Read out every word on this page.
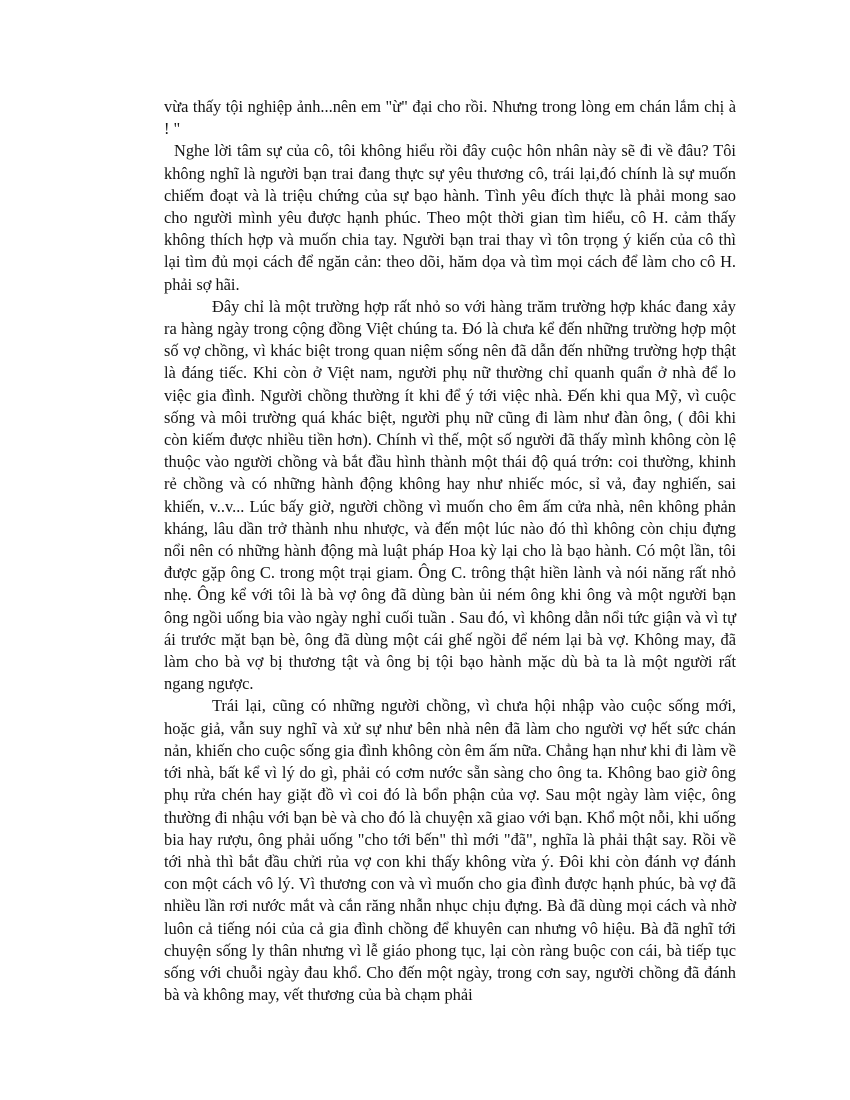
vừa thấy tội nghiệp ảnh...nên em "ừ" đại cho rồi. Nhưng trong lòng em chán lắm chị à ! "

Nghe lời tâm sự của cô, tôi không hiểu rồi đây cuộc hôn nhân này sẽ đi về đâu? Tôi không nghĩ là người bạn trai đang thực sự yêu thương cô, trái lại,đó chính là sự muốn chiếm đoạt và là triệu chứng của sự bạo hành. Tình yêu đích thực là phải mong sao cho người mình yêu được hạnh phúc. Theo một thời gian tìm hiểu, cô H. cảm thấy không thích hợp và muốn chia tay. Người bạn trai thay vì tôn trọng ý kiến của cô thì lại tìm đủ mọi cách để ngăn cản: theo dõi, hăm dọa và tìm mọi cách để làm cho cô H. phải sợ hãi.

Đây chỉ là một trường hợp rất nhỏ so với hàng trăm trường hợp khác đang xảy ra hàng ngày trong cộng đồng Việt chúng ta. Đó là chưa kể đến những trường hợp một số vợ chồng, vì khác biệt trong quan niệm sống nên đã dẫn đến những trường hợp thật là đáng tiếc. Khi còn ở Việt nam, người phụ nữ thường chỉ quanh quẩn ở nhà để lo việc gia đình. Người chồng thường ít khi để ý tới việc nhà. Đến khi qua Mỹ, vì cuộc sống và môi trường quá khác biệt, người phụ nữ cũng đi làm như đàn ông, ( đôi khi còn kiếm được nhiều tiền hơn). Chính vì thế, một số người đã thấy mình không còn lệ thuộc vào người chồng và bắt đầu hình thành một thái độ quá trớn: coi thường, khinh rẻ chồng và có những hành động không hay như nhiếc móc, sỉ vả, đay nghiến, sai khiến, v..v... Lúc bấy giờ, người chồng vì muốn cho êm ấm cửa nhà, nên không phản kháng, lâu dần trở thành nhu nhược, và đến một lúc nào đó thì không còn chịu đựng nổi nên có những hành động mà luật pháp Hoa kỳ lại cho là bạo hành. Có một lần, tôi được gặp ông C. trong một trại giam. Ông C. trông thật hiền lành và nói năng rất nhỏ nhẹ. Ông kể với tôi là bà vợ ông đã dùng bàn ủi ném ông khi ông và một người bạn ông ngồi uống bia vào ngày nghỉ cuối tuần . Sau đó, vì không dằn nổi tức giận và vì tự ái trước mặt bạn bè, ông đã dùng một cái ghế ngồi để ném lại bà vợ. Không may, đã làm cho bà vợ bị thương tật và ông bị tội bạo hành mặc dù bà ta là một người rất ngang ngược.

Trái lại, cũng có những người chồng, vì chưa hội nhập vào cuộc sống mới, hoặc giả, vẫn suy nghĩ và xử sự như bên nhà nên đã làm cho người vợ hết sức chán nản, khiến cho cuộc sống gia đình không còn êm ấm nữa. Chẳng hạn như khi đi làm về tới nhà, bất kể vì lý do gì, phải có cơm nước sẵn sàng cho ông ta. Không bao giờ ông phụ rửa chén hay giặt đồ vì coi đó là bổn phận của vợ. Sau một ngày làm việc, ông thường đi nhậu với bạn bè và cho đó là chuyện xã giao với bạn. Khổ một nỗi, khi uống bia hay rượu, ông phải uống "cho tới bến" thì mới "đã", nghĩa là phải thật say. Rồi về tới nhà thì bắt đầu chửi rủa vợ con khi thấy không vừa ý. Đôi khi còn đánh vợ đánh con một cách vô lý. Vì thương con và vì muốn cho gia đình được hạnh phúc, bà vợ đã nhiều lần rơi nước mắt và cắn răng nhẫn nhục chịu đựng. Bà đã dùng mọi cách và nhờ luôn cả tiếng nói của cả gia đình chồng để khuyên can nhưng vô hiệu. Bà đã nghĩ tới chuyện sống ly thân nhưng vì lễ giáo phong tục, lại còn ràng buộc con cái, bà tiếp tục sống với chuỗi ngày đau khổ. Cho đến một ngày, trong cơn say, người chồng đã đánh bà và không may, vết thương của bà chạm phải
